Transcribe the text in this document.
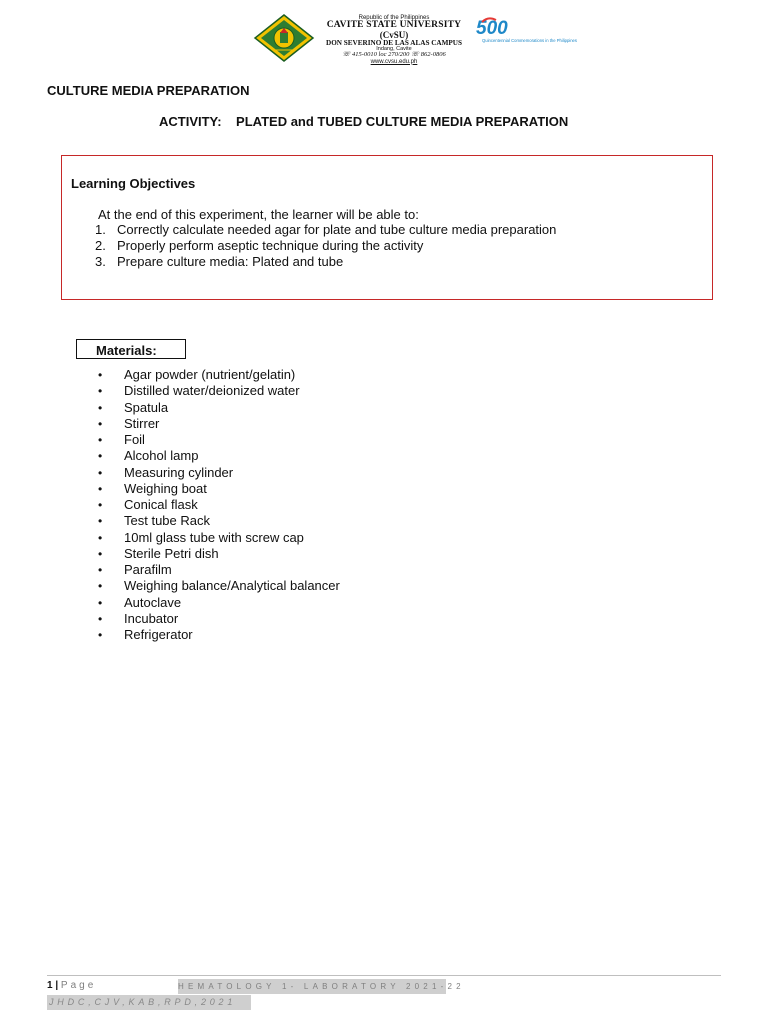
Republic of the Philippines
CAVITE STATE UNIVERSITY
(CvSU)
DON SEVERINO DE LAS ALAS CAMPUS
Indang, Cavite
☏ 415-0010 loc 270/200 ☏ 862-0806
www.cvsu.edu.ph
500
Quincentennial Commemorations in the Philippines
CULTURE MEDIA PREPARATION
ACTIVITY: PLATED and TUBED CULTURE MEDIA PREPARATION
Learning Objectives
At the end of this experiment, the learner will be able to:
1. Correctly calculate needed agar for plate and tube culture media preparation
2. Properly perform aseptic technique during the activity
3. Prepare culture media: Plated and tube
Materials:
• Agar powder (nutrient/gelatin)
• Distilled water/deionized water
• Spatula
• Stirrer
• Foil
• Alcohol lamp
• Measuring cylinder
• Weighing boat
• Conical flask
• Test tube Rack
• 10ml glass tube with screw cap
• Sterile Petri dish
• Parafilm
• Weighing balance/Analytical balancer
• Autoclave
• Incubator
• Refrigerator
1 | Page	HEMATOLOGY 1- LABORATORY 2021-22
JHDC,CJV,KAB,RPD,2021
